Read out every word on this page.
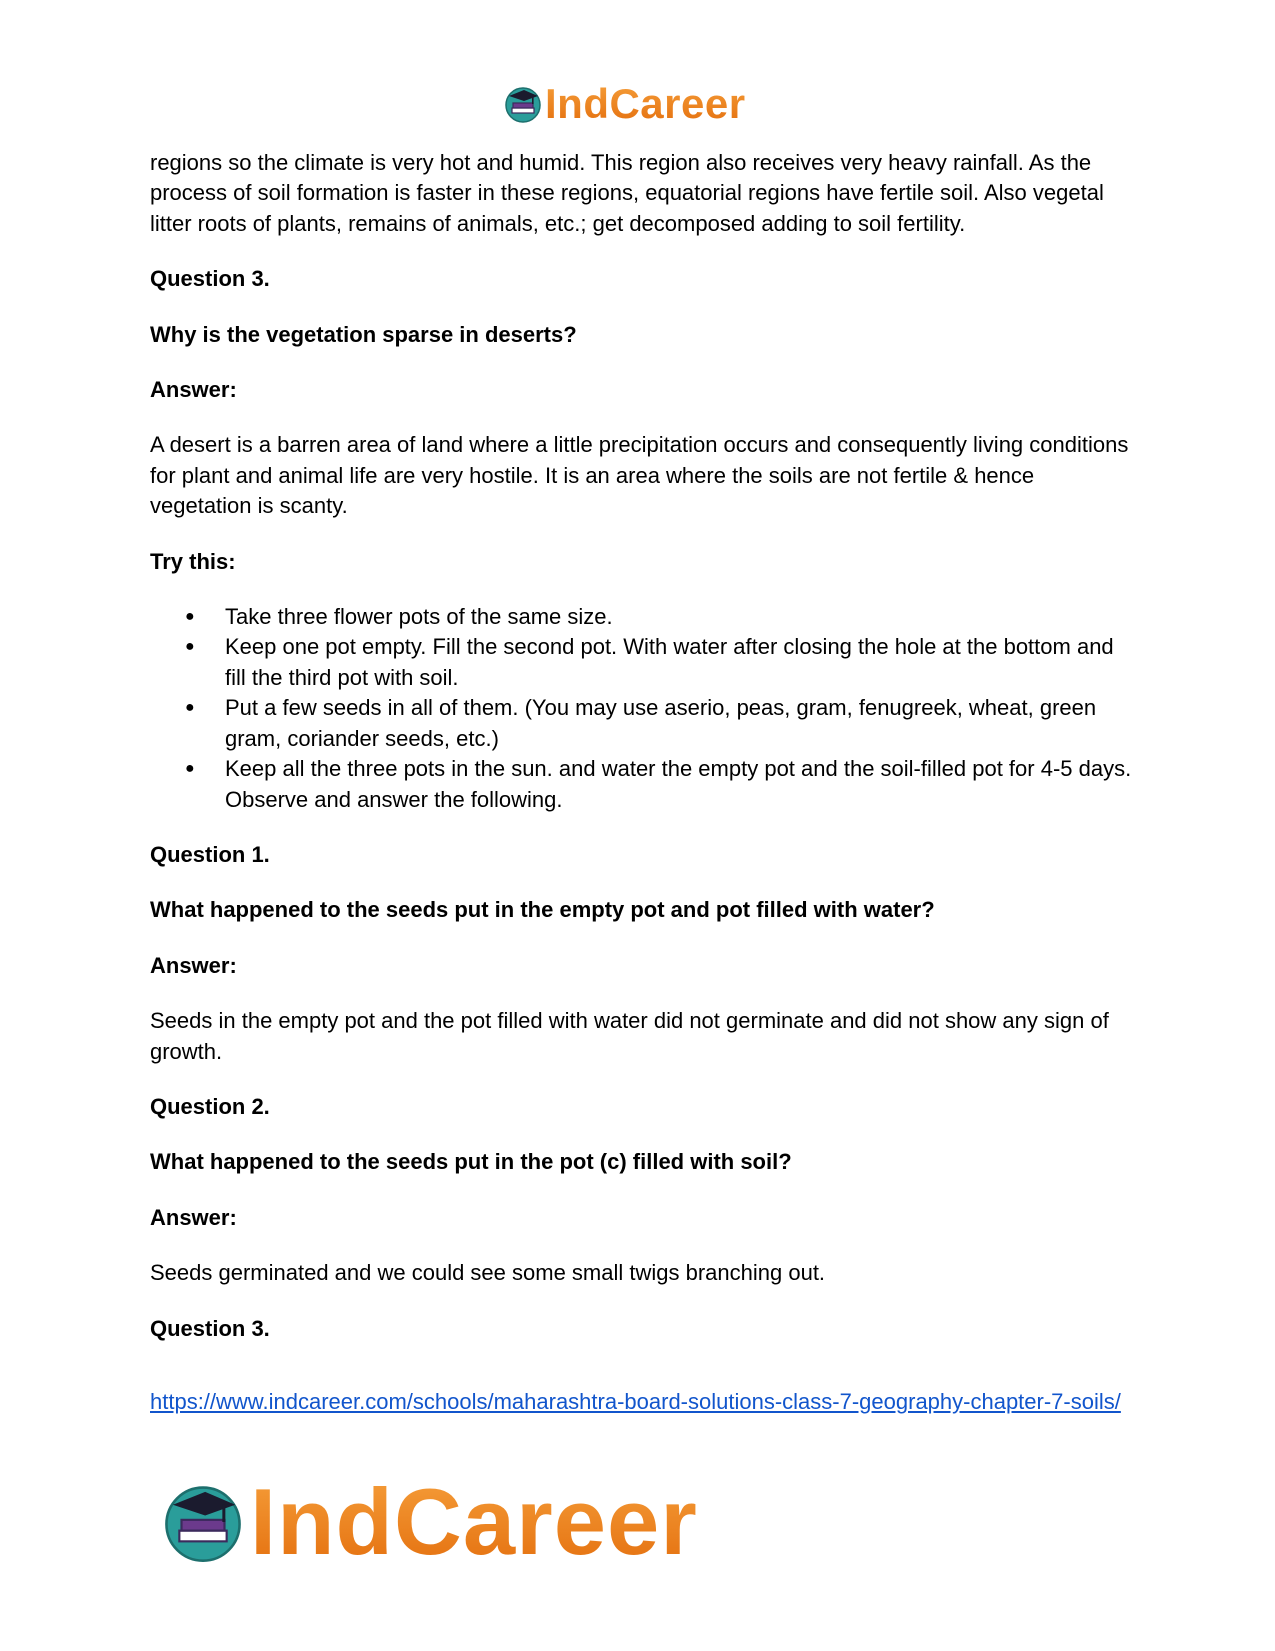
IndCareer

regions so the climate is very hot and humid. This region also receives very heavy rainfall. As the process of soil formation is faster in these regions, equatorial regions have fertile soil. Also vegetal litter roots of plants, remains of animals, etc.; get decomposed adding to soil fertility.

Question 3.

Why is the vegetation sparse in deserts?

Answer:

A desert is a barren area of land where a little precipitation occurs and consequently living conditions for plant and animal life are very hostile. It is an area where the soils are not fertile & hence vegetation is scanty.

Try this:

● Take three flower pots of the same size.
● Keep one pot empty. Fill the second pot. With water after closing the hole at the bottom and fill the third pot with soil.
● Put a few seeds in all of them. (You may use aserio, peas, gram, fenugreek, wheat, green gram, coriander seeds, etc.)
● Keep all the three pots in the sun. and water the empty pot and the soil-filled pot for 4-5 days. Observe and answer the following.

Question 1.

What happened to the seeds put in the empty pot and pot filled with water?

Answer:

Seeds in the empty pot and the pot filled with water did not germinate and did not show any sign of growth.

Question 2.

What happened to the seeds put in the pot (c) filled with soil?

Answer:

Seeds germinated and we could see some small twigs branching out.

Question 3.

https://www.indcareer.com/schools/maharashtra-board-solutions-class-7-geography-chapter-7-soils/
IndCareer
